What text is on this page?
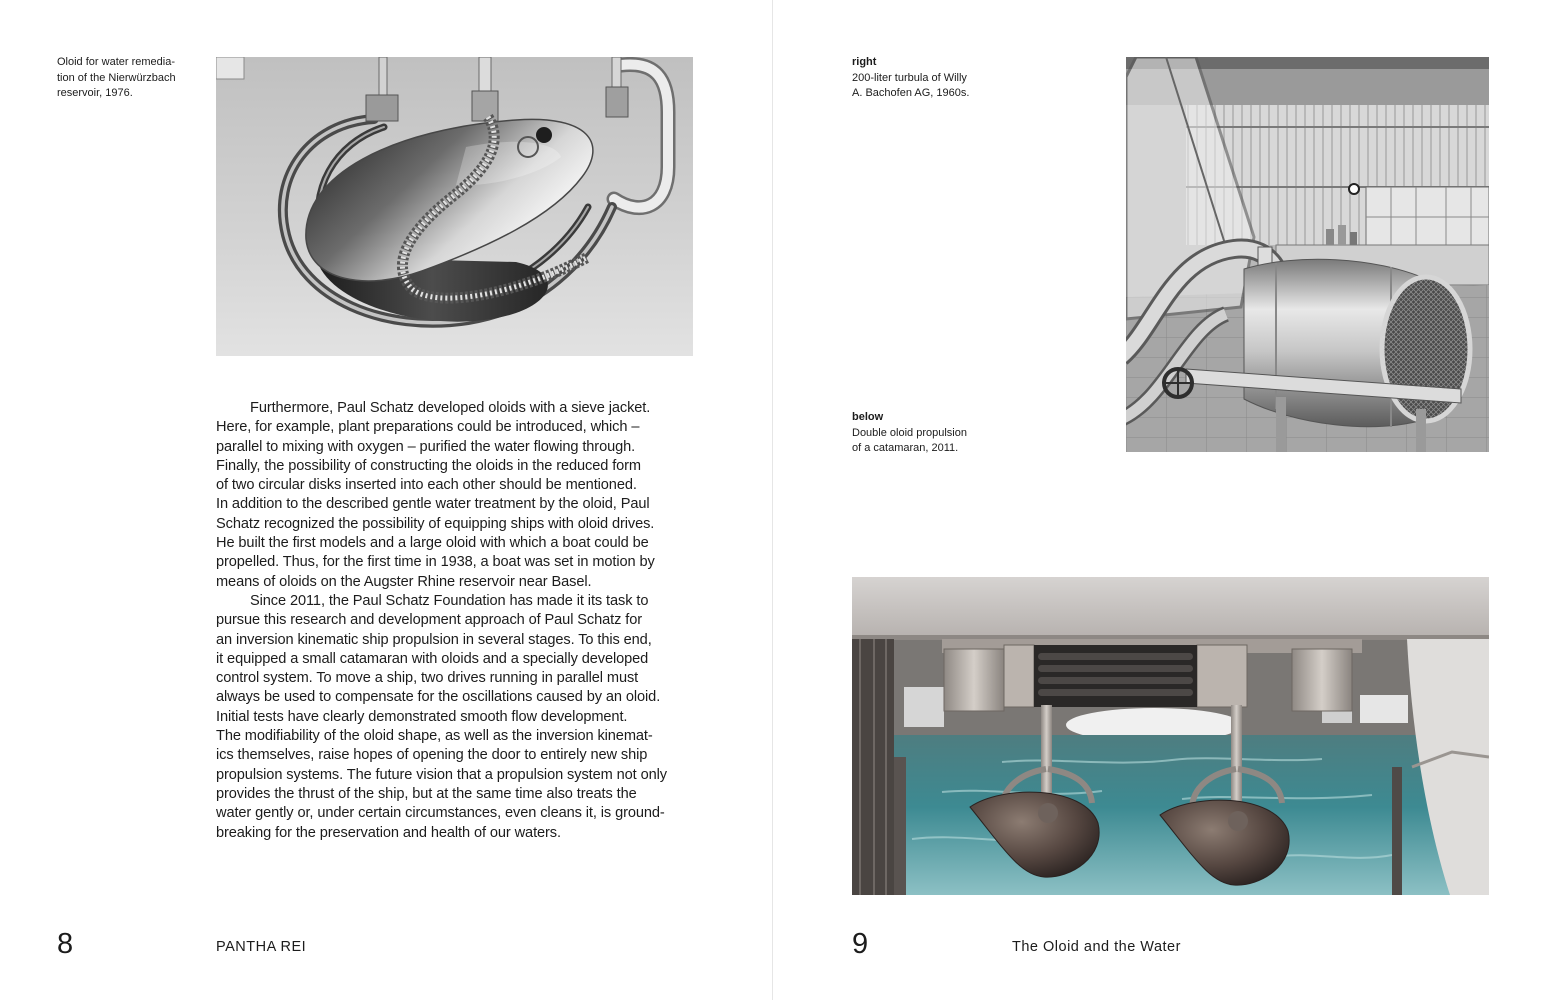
Oloid for water remedia-
tion of the Nierwürzbach
reservoir, 1976.
Furthermore, Paul Schatz developed oloids with a sieve jacket.
Here, for example, plant preparations could be introduced, which –
parallel to mixing with oxygen – purified the water flowing through.
Finally, the possibility of constructing the oloids in the reduced form
of two circular disks inserted into each other should be mentioned.
In addition to the described gentle water treatment by the oloid, Paul
Schatz recognized the possibility of equipping ships with oloid drives.
He built the first models and a large oloid with which a boat could be
propelled. Thus, for the first time in 1938, a boat was set in motion by
means of oloids on the Augster Rhine reservoir near Basel.
Since 2011, the Paul Schatz Foundation has made it its task to
pursue this research and development approach of Paul Schatz for
an inversion kinematic ship propulsion in several stages. To this end,
it equipped a small catamaran with oloids and a specially developed
control system. To move a ship, two drives running in parallel must
always be used to compensate for the oscillations caused by an oloid.
Initial tests have clearly demonstrated smooth flow development.
The modifiability of the oloid shape, as well as the inversion kinemat-
ics themselves, raise hopes of opening the door to entirely new ship
propulsion systems. The future vision that a propulsion system not only
provides the thrust of the ship, but at the same time also treats the
water gently or, under certain circumstances, even cleans it, is ground-
breaking for the preservation and health of our waters.
8	PANTHA REI
right
200-liter turbula of Willy
A. Bachofen AG, 1960s.
below
Double oloid propulsion
of a catamaran, 2011.
9	The Oloid and the Water
